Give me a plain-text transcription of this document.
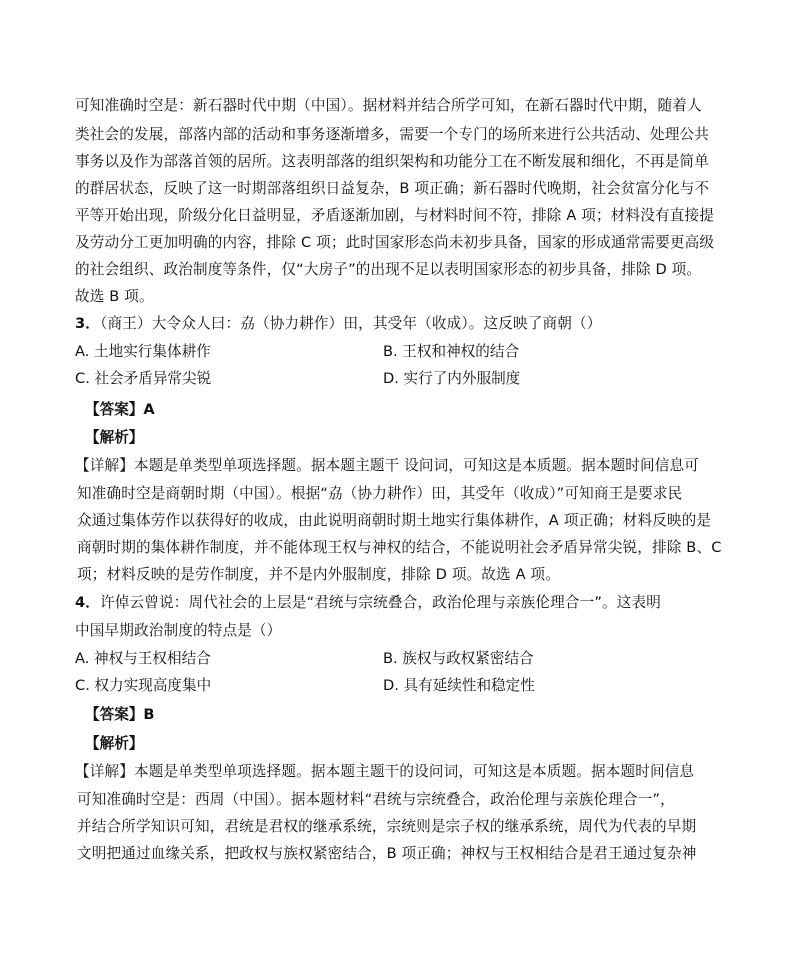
可知准确时空是：新石器时代中期（中国）。据材料并结合所学可知，在新石器时代中期，随着人
类社会的发展，部落内部的活动和事务逐渐增多，需要一个专门的场所来进行公共活动、处理公共
事务以及作为部落首领的居所。这表明部落的组织架构和功能分工在不断发展和细化，不再是简单
的群居状态，反映了这一时期部落组织日益复杂，B 项正确；新石器时代晚期，社会贫富分化与不
平等开始出现，阶级分化日益明显，矛盾逐渐加剧，与材料时间不符，排除 A 项；材料没有直接提
及劳动分工更加明确的内容，排除 C 项；此时国家形态尚未初步具备，国家的形成通常需要更高级
的社会组织、政治制度等条件，仅“大房子”的出现不足以表明国家形态的初步具备，排除 D 项。
故选 B 项。
3．（商王）大令众人曰：劦（协力耕作）田，其受年（收成）。这反映了商朝（）
A. 土地实行集体耕作	B. 王权和神权的结合
C. 社会矛盾异常尖锐	D. 实行了内外服制度
【答案】A
【解析】
【详解】本题是单类型单项选择题。据本题主题干 设问词，可知这是本质题。据本题时间信息可
知准确时空是商朝时期（中国）。根据“劦（协力耕作）田，其受年（收成）”可知商王是要求民
众通过集体劳作以获得好的收成，由此说明商朝时期土地实行集体耕作，A 项正确；材料反映的是
商朝时期的集体耕作制度，并不能体现王权与神权的结合，不能说明社会矛盾异常尖锐，排除 B、C
项；材料反映的是劳作制度，并不是内外服制度，排除 D 项。故选 A 项。
4．许倬云曾说：周代社会的上层是“君统与宗统叠合，政治伦理与亲族伦理合一”。这表明
中国早期政治制度的特点是（）
A. 神权与王权相结合	B. 族权与政权紧密结合
C. 权力实现高度集中	D. 具有延续性和稳定性
【答案】B
【解析】
【详解】本题是单类型单项选择题。据本题主题干的设问词，可知这是本质题。据本题时间信息
可知准确时空是：西周（中国）。据本题材料“君统与宗统叠合，政治伦理与亲族伦理合一”，
并结合所学知识可知，君统是君权的继承系统，宗统则是宗子权的继承系统，周代为代表的早期
文明把通过血缘关系，把政权与族权紧密结合，B 项正确；神权与王权相结合是君王通过复杂神
